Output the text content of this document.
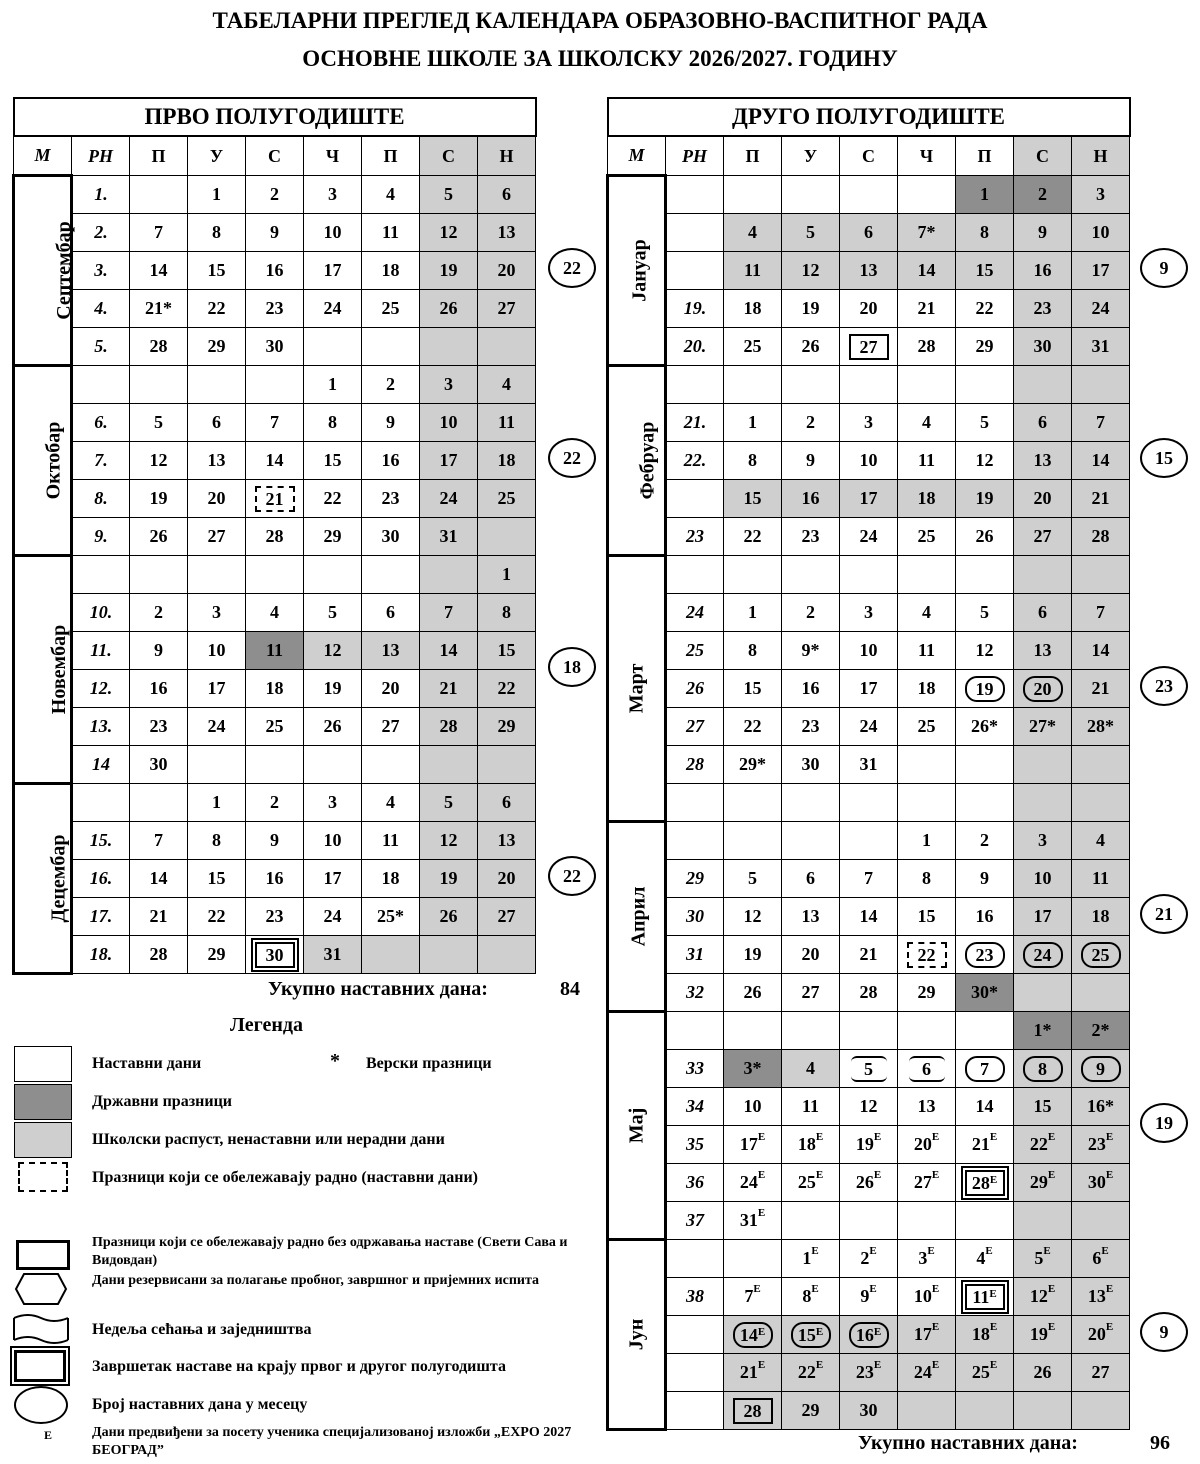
ТАБЕЛАРНИ ПРЕГЛЕД КАЛЕНДАРА ОБРАЗОВНО-ВАСПИТНОГ РАДА
ОСНОВНЕ ШКОЛЕ ЗА ШКОЛСКУ 2026/2027. ГОДИНУ
ПРВО ПОЛУГОДИШТЕ								
М	РН	П	У	С	Ч	П	С	Н
Септембар	1.		1	2	3	4	5	6
	2.	7	8	9	10	11	12	13
	3.	14	15	16	17	18	19	20
	4.	21*	22	23	24	25	26	27
	5.	28	29	30				
Октобар					1	2	3	4
	6.	5	6	7	8	9	10	11
	7.	12	13	14	15	16	17	18
	8.	19	20	21	22	23	24	25
	9.	26	27	28	29	30	31	
Новембар								1
	10.	2	3	4	5	6	7	8
	11.	9	10	11	12	13	14	15
	12.	16	17	18	19	20	21	22
	13.	23	24	25	26	27	28	29
	14	30						
Децембар			1	2	3	4	5	6
	15.	7	8	9	10	11	12	13
	16.	14	15	16	17	18	19	20
	17.	21	22	23	24	25*	26	27
	18.	28	29	30	31			
ДРУГО ПОЛУГОДИШТЕ								
М	РН	П	У	С	Ч	П	С	Н
Јануар						1	2	3
		4	5	6	7*	8	9	10
		11	12	13	14	15	16	17
	19.	18	19	20	21	22	23	24
	20.	25	26	27	28	29	30	31
Фебруар								
	21.	1	2	3	4	5	6	7
	22.	8	9	10	11	12	13	14
		15	16	17	18	19	20	21
	23	22	23	24	25	26	27	28
Март								
	24	1	2	3	4	5	6	7
	25	8	9*	10	11	12	13	14
	26	15	16	17	18	19	20	21
	27	22	23	24	25	26*	27*	28*
	28	29*	30	31				

Април					1	2	3	4
	29	5	6	7	8	9	10	11
	30	12	13	14	15	16	17	18
	31	19	20	21	22	23	24	25
	32	26	27	28	29	30*		
Мај							1*	2*
	33	3*	4	5	6	7	8	9
	34	10	11	12	13	14	15	16*
	35	$17^E$	$18^E$	$19^E$	$20^E$	$21^E$	$22^E$	$23^E$
	36	$24^E$	$25^E$	$26^E$	$27^E$	$28^E$	$29^E$	$30^E$
	37	$31^E$						
Јун			$1^E$	$2^E$	$3^E$	$4^E$	$5^E$	$6^E$
	38	$7^E$	$8^E$	$9^E$	$10^E$	$11^E$	$12^E$	$13^E$
		$14^E$	$15^E$	$16^E$	$17^E$	$18^E$	$19^E$	$20^E$
		$21^E$	$22^E$	$23^E$	$24^E$	$25^E$	26	27
		28	29	30				
22
22
18
22
9
15
23
21
19
9
Укупно наставних дана:	84
Укупно наставних дана:	96
Легенда
E
Наставни дани	* Верски празници
Државни празници
Школски распуст, ненаставни или нерадни дани
Празници који се обележавају радно (наставни дани)
Празници који се обележавају радно без одржавања наставе (Свети Сава и Видовдан)
Дани резервисани за полагање пробног, завршног и пријемних испита
Недеља сећања и заједништва
Завршетак наставе на крају првог и другог полугодишта
Број наставних дана у месецу
Дани предвиђени за посету ученика специјализованој изложби „EXPO 2027 БЕОГРАД”
